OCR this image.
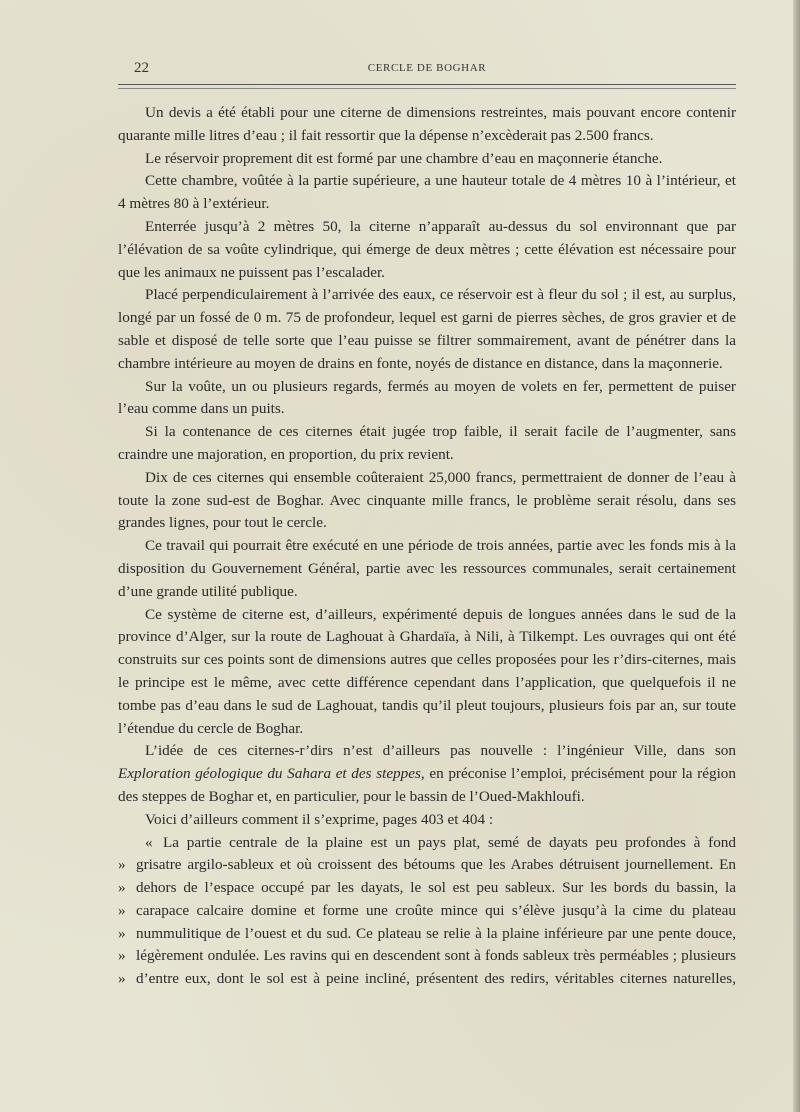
22	CERCLE DE BOGHAR

Un devis a été établi pour une citerne de dimensions restreintes, mais pouvant encore contenir quarante mille litres d’eau ; il fait ressortir que la dépense n’excèderait pas 2.500 francs.

Le réservoir proprement dit est formé par une chambre d’eau en maçonnerie étanche.

Cette chambre, voûtée à la partie supérieure, a une hauteur totale de 4 mètres 10 à l’intérieur, et 4 mètres 80 à l’extérieur.

Enterrée jusqu’à 2 mètres 50, la citerne n’apparaît au-dessus du sol environnant que par l’élévation de sa voûte cylindrique, qui émerge de deux mètres ; cette élévation est nécessaire pour que les animaux ne puissent pas l’escalader.

Placé perpendiculairement à l’arrivée des eaux, ce réservoir est à fleur du sol ; il est, au surplus, longé par un fossé de 0 m. 75 de profondeur, lequel est garni de pierres sèches, de gros gravier et de sable et disposé de telle sorte que l’eau puisse se filtrer sommairement, avant de pénétrer dans la chambre intérieure au moyen de drains en fonte, noyés de distance en distance, dans la maçonnerie.

Sur la voûte, un ou plusieurs regards, fermés au moyen de volets en fer, permettent de puiser l’eau comme dans un puits.

Si la contenance de ces citernes était jugée trop faible, il serait facile de l’augmenter, sans craindre une majoration, en proportion, du prix revient.

Dix de ces citernes qui ensemble coûteraient 25,000 francs, permettraient de donner de l’eau à toute la zone sud-est de Boghar. Avec cinquante mille francs, le problème serait résolu, dans ses grandes lignes, pour tout le cercle.

Ce travail qui pourrait être exécuté en une période de trois années, partie avec les fonds mis à la disposition du Gouvernement Général, partie avec les ressources communales, serait certainement d’une grande utilité publique.

Ce système de citerne est, d’ailleurs, expérimenté depuis de longues années dans le sud de la province d’Alger, sur la route de Laghouat à Ghardaïa, à Nili, à Tilkempt. Les ouvrages qui ont été construits sur ces points sont de dimensions autres que celles proposées pour les r’dirs-citernes, mais le principe est le même, avec cette différence cependant dans l’application, que quelquefois il ne tombe pas d’eau dans le sud de Laghouat, tandis qu’il pleut toujours, plusieurs fois par an, sur toute l’étendue du cercle de Boghar.

L’idée de ces citernes-r’dirs n’est d’ailleurs pas nouvelle : l’ingénieur Ville, dans son Exploration géologique du Sahara et des steppes, en préconise l’emploi, précisément pour la région des steppes de Boghar et, en particulier, pour le bassin de l’Oued-Makhloufi.

Voici d’ailleurs comment il s’exprime, pages 403 et 404 :

« La partie centrale de la plaine est un pays plat, semé de dayats peu profondes à fond
» grisatre argilo-sableux et où croissent des bétoums que les Arabes détruisent journellement. En
» dehors de l’espace occupé par les dayats, le sol est peu sableux. Sur les bords du bassin, la
» carapace calcaire domine et forme une croûte mince qui s’élève jusqu’à la cime du plateau
» nummulitique de l’ouest et du sud. Ce plateau se relie à la plaine inférieure par une pente douce,
» légèrement ondulée. Les ravins qui en descendent sont à fonds sableux très perméables ; plusieurs
» d’entre eux, dont le sol est à peine incliné, présentent des redirs, véritables citernes naturelles,
